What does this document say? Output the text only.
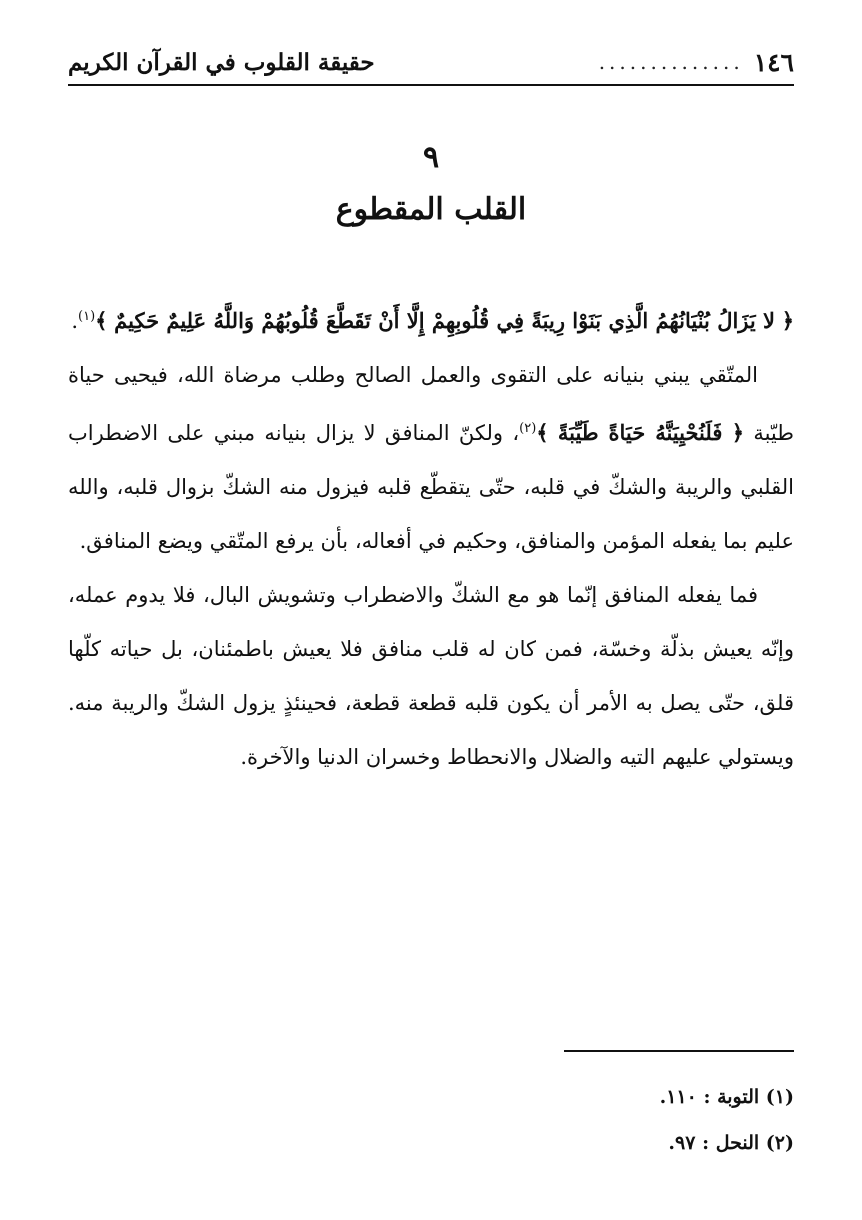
١٤٦
..............
حقيقة القلوب في القرآن الكريم
٩
القلب المقطوع

﴿ لا يَزَالُ بُنْيَانُهُمُ الَّذِي بَنَوْا رِيبَةً فِي قُلُوبِهِمْ إِلَّا أَنْ تَقَطَّعَ قُلُوبُهُمْ وَاللَّهُ عَلِيمٌ حَكِيمٌ ﴾$^{(١)}$.

المتّقي يبني بنيانه على التقوى والعمل الصالح وطلب مرضاة الله، فيحيى حياة طيّبة ﴿ فَلَنُحْيِيَنَّهُ حَيَاةً طَيِّبَةً ﴾$^{(٢)}$، ولكنّ المنافق لا يزال بنيانه مبني على الاضطراب القلبي والريبة والشكّ في قلبه، حتّى يتقطّع قلبه فيزول منه الشكّ بزوال قلبه، والله عليم بما يفعله المؤمن والمنافق، وحكيم في أفعاله، بأن يرفع المتّقي ويضع المنافق.

فما يفعله المنافق إنّما هو مع الشكّ والاضطراب وتشويش البال، فلا يدوم عمله، وإنّه يعيش بذلّة وخسّة، فمن كان له قلب منافق فلا يعيش باطمئنان، بل حياته كلّها قلق، حتّى يصل به الأمر أن يكون قلبه قطعة قطعة، فحينئذٍ يزول الشكّ والريبة منه. ويستولي عليهم التيه والضلال والانحطاط وخسران الدنيا والآخرة.

(١) التوبة : ١١٠.

(٢) النحل : ٩٧.
